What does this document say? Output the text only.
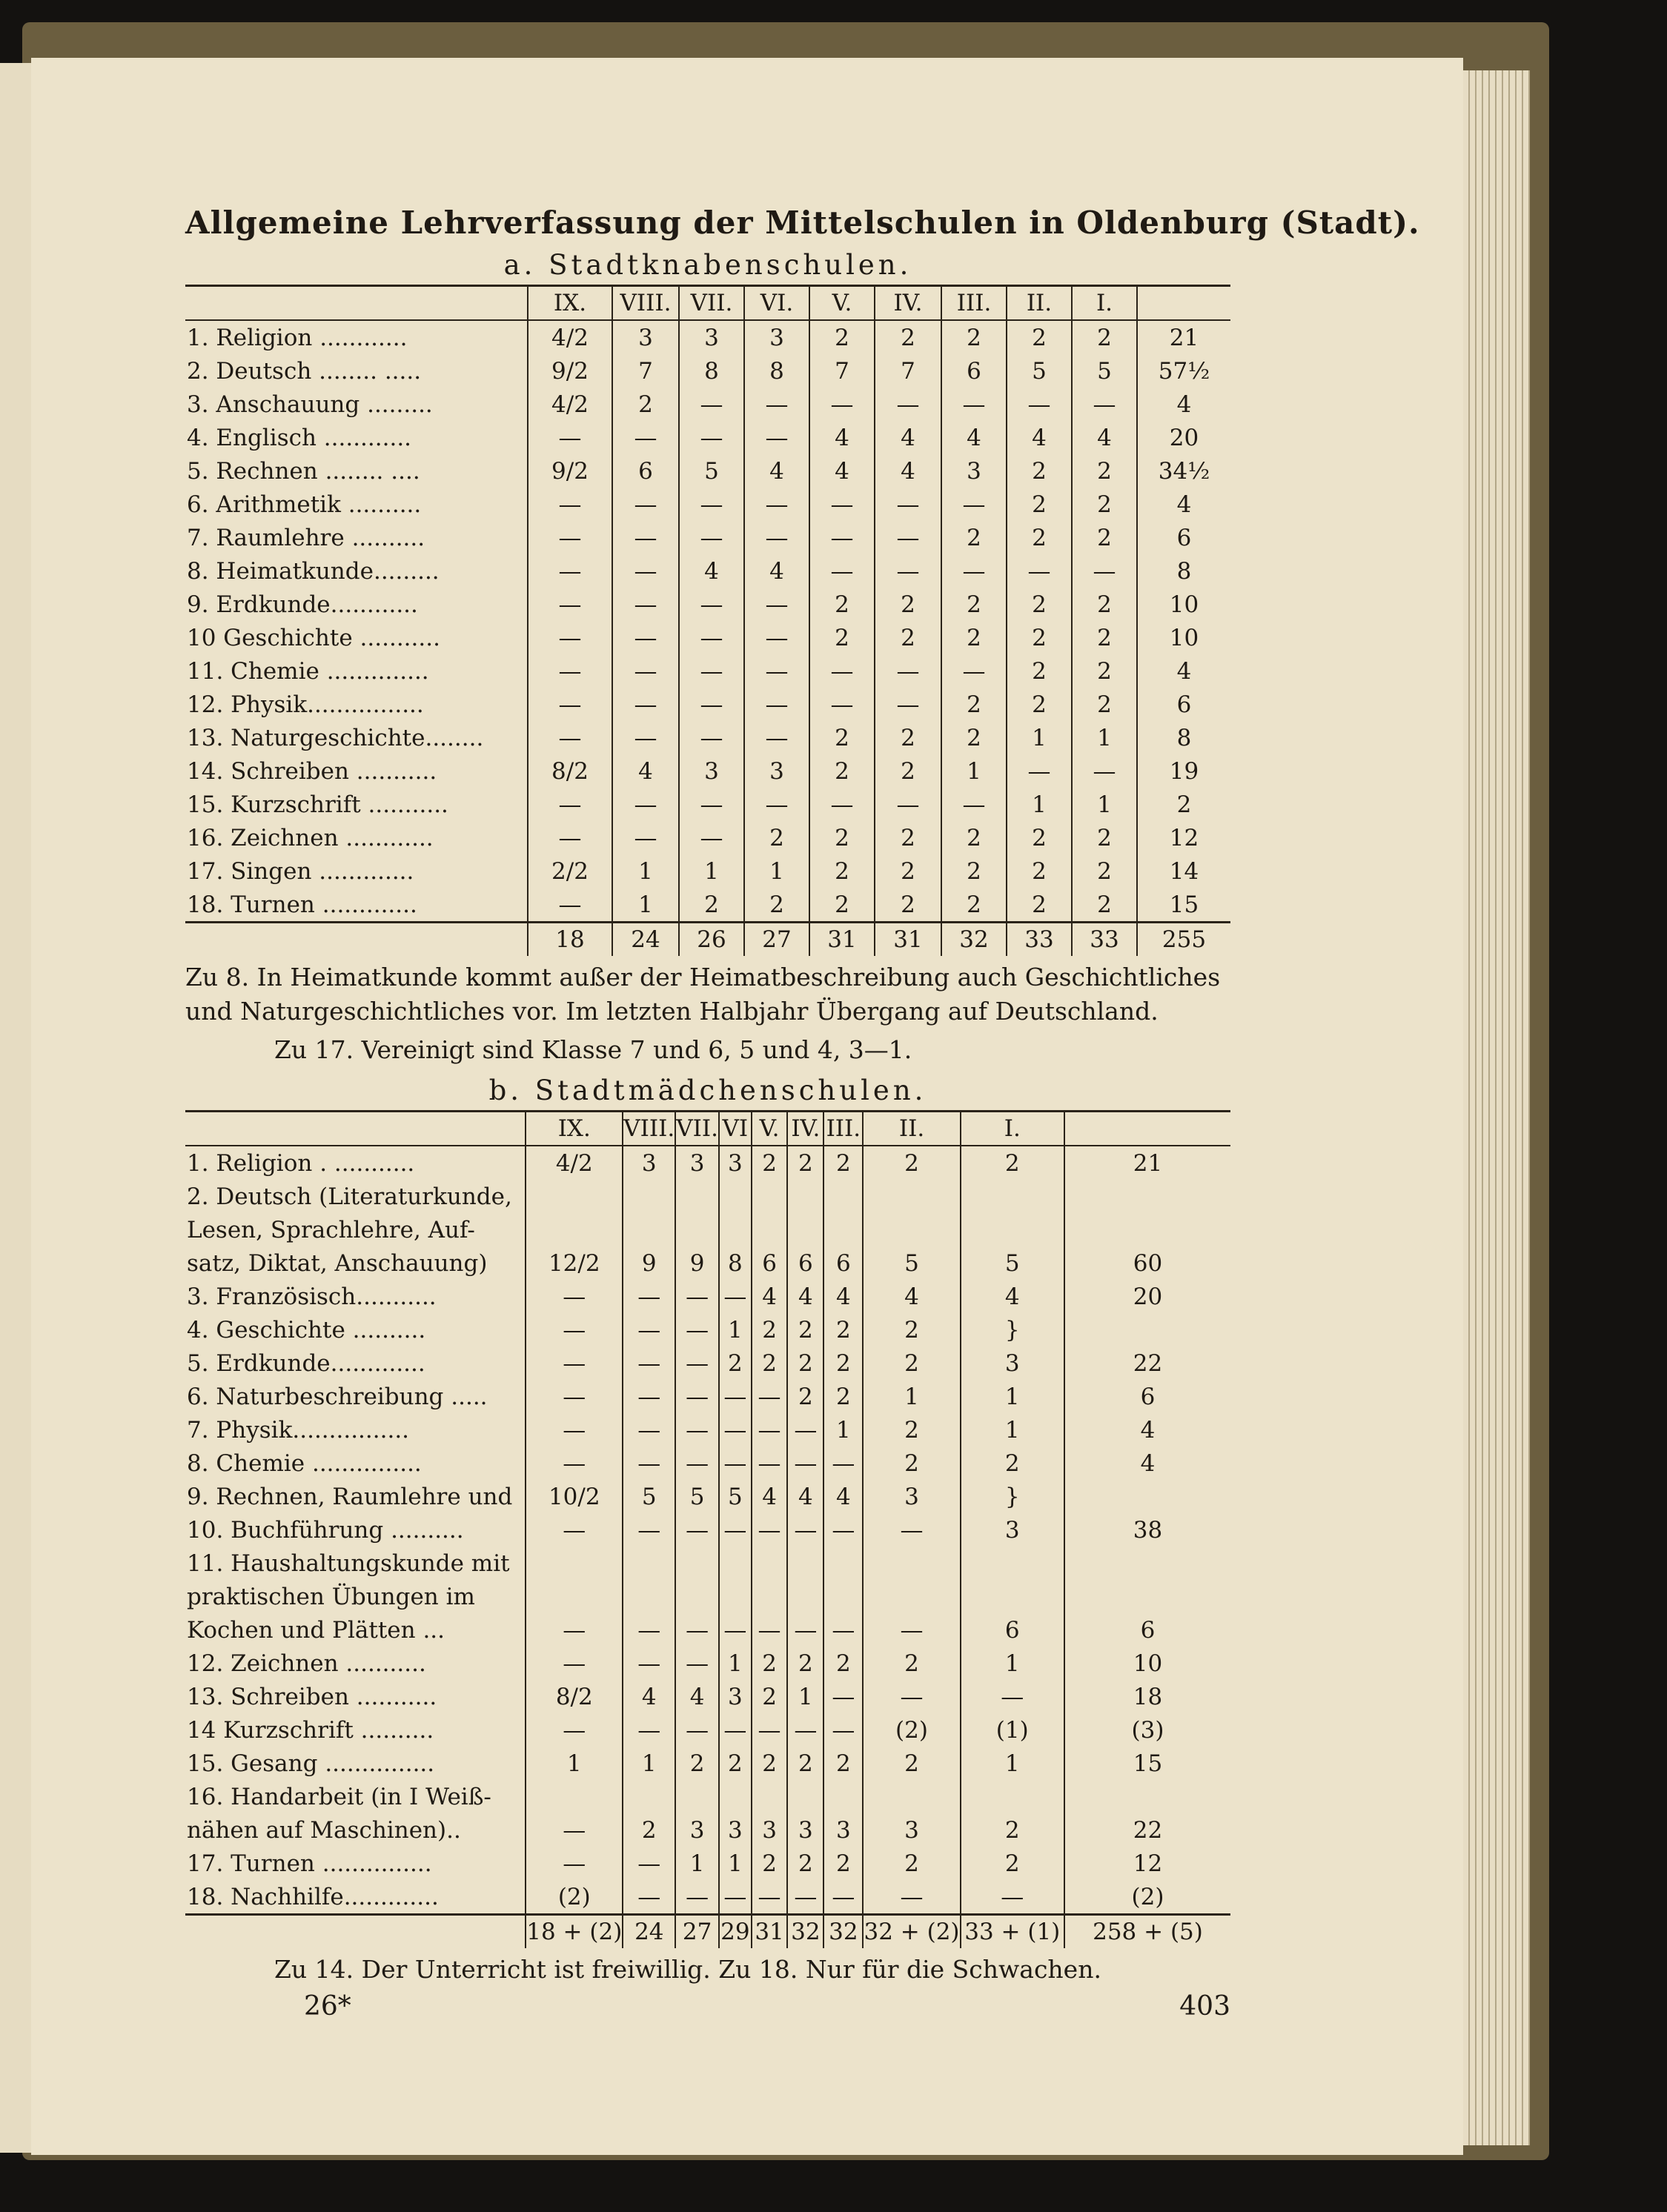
Allgemeine Lehrverfassung der Mittelschulen in Oldenburg (Stadt).
a. Stadtknabenschulen.
	IX.	VIII.	VII.	VI.	V.	IV.	III.	II.	I.	
1. Religion ............	4/2	3	3	3	2	2	2	2	2	21
2. Deutsch ........ .....	9/2	7	8	8	7	7	6	5	5	57½
3. Anschauung .........	4/2	2	—	—	—	—	—	—	—	4
4. Englisch ............	—	—	—	—	4	4	4	4	4	20
5. Rechnen ........ ....	9/2	6	5	4	4	4	3	2	2	34½
6. Arithmetik ..........	—	—	—	—	—	—	—	2	2	4
7. Raumlehre ..........	—	—	—	—	—	—	2	2	2	6
8. Heimatkunde.........	—	—	4	4	—	—	—	—	—	8
9. Erdkunde............	—	—	—	—	2	2	2	2	2	10
10 Geschichte ...........	—	—	—	—	2	2	2	2	2	10
11. Chemie ..............	—	—	—	—	—	—	—	2	2	4
12. Physik................	—	—	—	—	—	—	2	2	2	6
13. Naturgeschichte........	—	—	—	—	2	2	2	1	1	8
14. Schreiben ...........	8/2	4	3	3	2	2	1	—	—	19
15. Kurzschrift ...........	—	—	—	—	—	—	—	1	1	2
16. Zeichnen ............	—	—	—	2	2	2	2	2	2	12
17. Singen .............	2/2	1	1	1	2	2	2	2	2	14
18. Turnen .............	—	1	2	2	2	2	2	2	2	15
	18	24	26	27	31	31	32	33	33	255

Zu 8. In Heimatkunde kommt außer der Heimatbeschreibung auch Geschichtliches und Naturgeschichtliches vor. Im letzten Halbjahr Übergang auf Deutschland.

Zu 17. Vereinigt sind Klasse 7 und 6, 5 und 4, 3—1.

b. Stadtmädchenschulen.
	IX.	VIII.	VII.	VI	V.	IV.	III.	II.	I.	
1. Religion . ...........	4/2	3	3	3	2	2	2	2	2	21
2. Deutsch (Literaturkunde,										
Lesen, Sprachlehre, Auf-										
satz, Diktat, Anschauung)	12/2	9	9	8	6	6	6	5	5	60
3. Französisch...........	—	—	—	—	4	4	4	4	4	20
4. Geschichte ..........	—	—	—	1	2	2	2	2	}	
5. Erdkunde.............	—	—	—	2	2	2	2	2	3	22
6. Naturbeschreibung .....	—	—	—	—	—	2	2	1	1	6
7. Physik................	—	—	—	—	—	—	1	2	1	4
8. Chemie ...............	—	—	—	—	—	—	—	2	2	4
9. Rechnen, Raumlehre und	10/2	5	5	5	4	4	4	3	}	
10. Buchführung ..........	—	—	—	—	—	—	—	—	3	38
11. Haushaltungskunde mit										
praktischen Übungen im										
Kochen und Plätten ...	—	—	—	—	—	—	—	—	6	6
12. Zeichnen ...........	—	—	—	1	2	2	2	2	1	10
13. Schreiben ...........	8/2	4	4	3	2	1	—	—	—	18
14 Kurzschrift ..........	—	—	—	—	—	—	—	(2)	(1)	(3)
15. Gesang ...............	1	1	2	2	2	2	2	2	1	15
16. Handarbeit (in I Weiß-										
nähen auf Maschinen)..	—	2	3	3	3	3	3	3	2	22
17. Turnen ...............	—	—	1	1	2	2	2	2	2	12
18. Nachhilfe.............	(2)	—	—	—	—	—	—	—	—	(2)
	18 + (2)	24	27	29	31	32	32	32 + (2)	33 + (1)	258 + (5)

Zu 14. Der Unterricht ist freiwillig. Zu 18. Nur für die Schwachen.

26*	403
